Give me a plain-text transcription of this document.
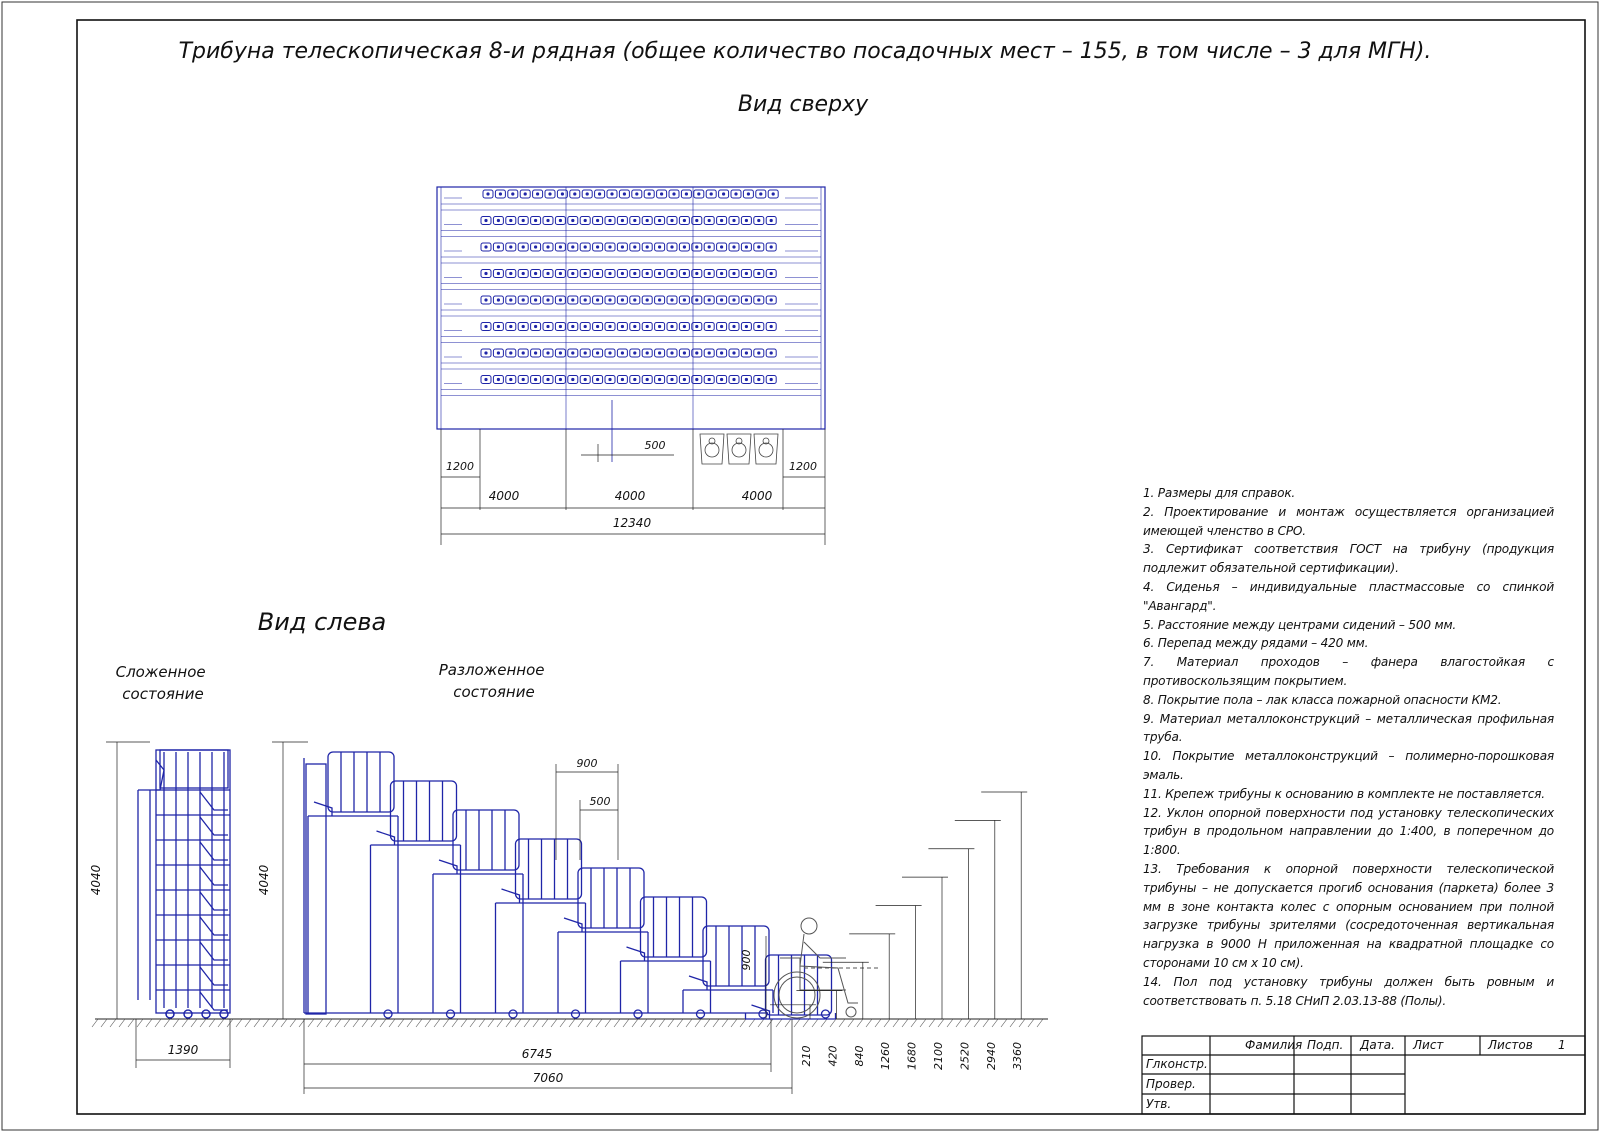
Трибуна телескопическая 8-и рядная (общее количество посадочных мест – 155, в том числе – 3 для МГН).
Вид сверху
Вид слева
Сложенное состояние
Разложенное состояние
1200	1200
4000	4000	4000
12340
500
4040	4040
1390	6745
7060
900
500
900
210 420 840 1260 1680 2100 2520 2940 3360

1. Размеры для справок.

2. Проектирование и монтаж осуществляется организацией имеющей членство в СРО.

3. Сертификат соответствия ГОСТ на трибуну (продукция подлежит обязательной сертификации).

4. Сиденья – индивидуальные пластмассовые со спинкой "Авангард".

5. Расстояние между центрами сидений – 500 мм.

6. Перепад между рядами – 420 мм.

7. Материал проходов – фанера влагостойкая с противоскользящим покрытием.

8. Покрытие пола – лак класса пожарной опасности КМ2.

9. Материал металлоконструкций – металлическая профильная труба.

10. Покрытие металлоконструкций – полимерно-порошковая эмаль.

11. Крепеж трибуны к основанию в комплекте не поставляется.

12. Уклон опорной поверхности под установку телескопических трибун в продольном направлении до 1:400, в поперечном до 1:800.

13. Требования к опорной поверхности телескопической трибуны – не допускается прогиб основания (паркета) более 3 мм в зоне контакта колес с опорным основанием при полной загрузке трибуны зрителями (сосредоточенная вертикальная нагрузка в 9000 Н приложенная на квадратной площадке со сторонами 10 см х 10 см).

14. Пол под установку трибуны должен быть ровным и соответствовать п. 5.18 СНиП 2.03.13-88 (Полы).

Фамилия Подп. Дата. Лист	Листов 1
Глконстр.
Провер.
Утв.
